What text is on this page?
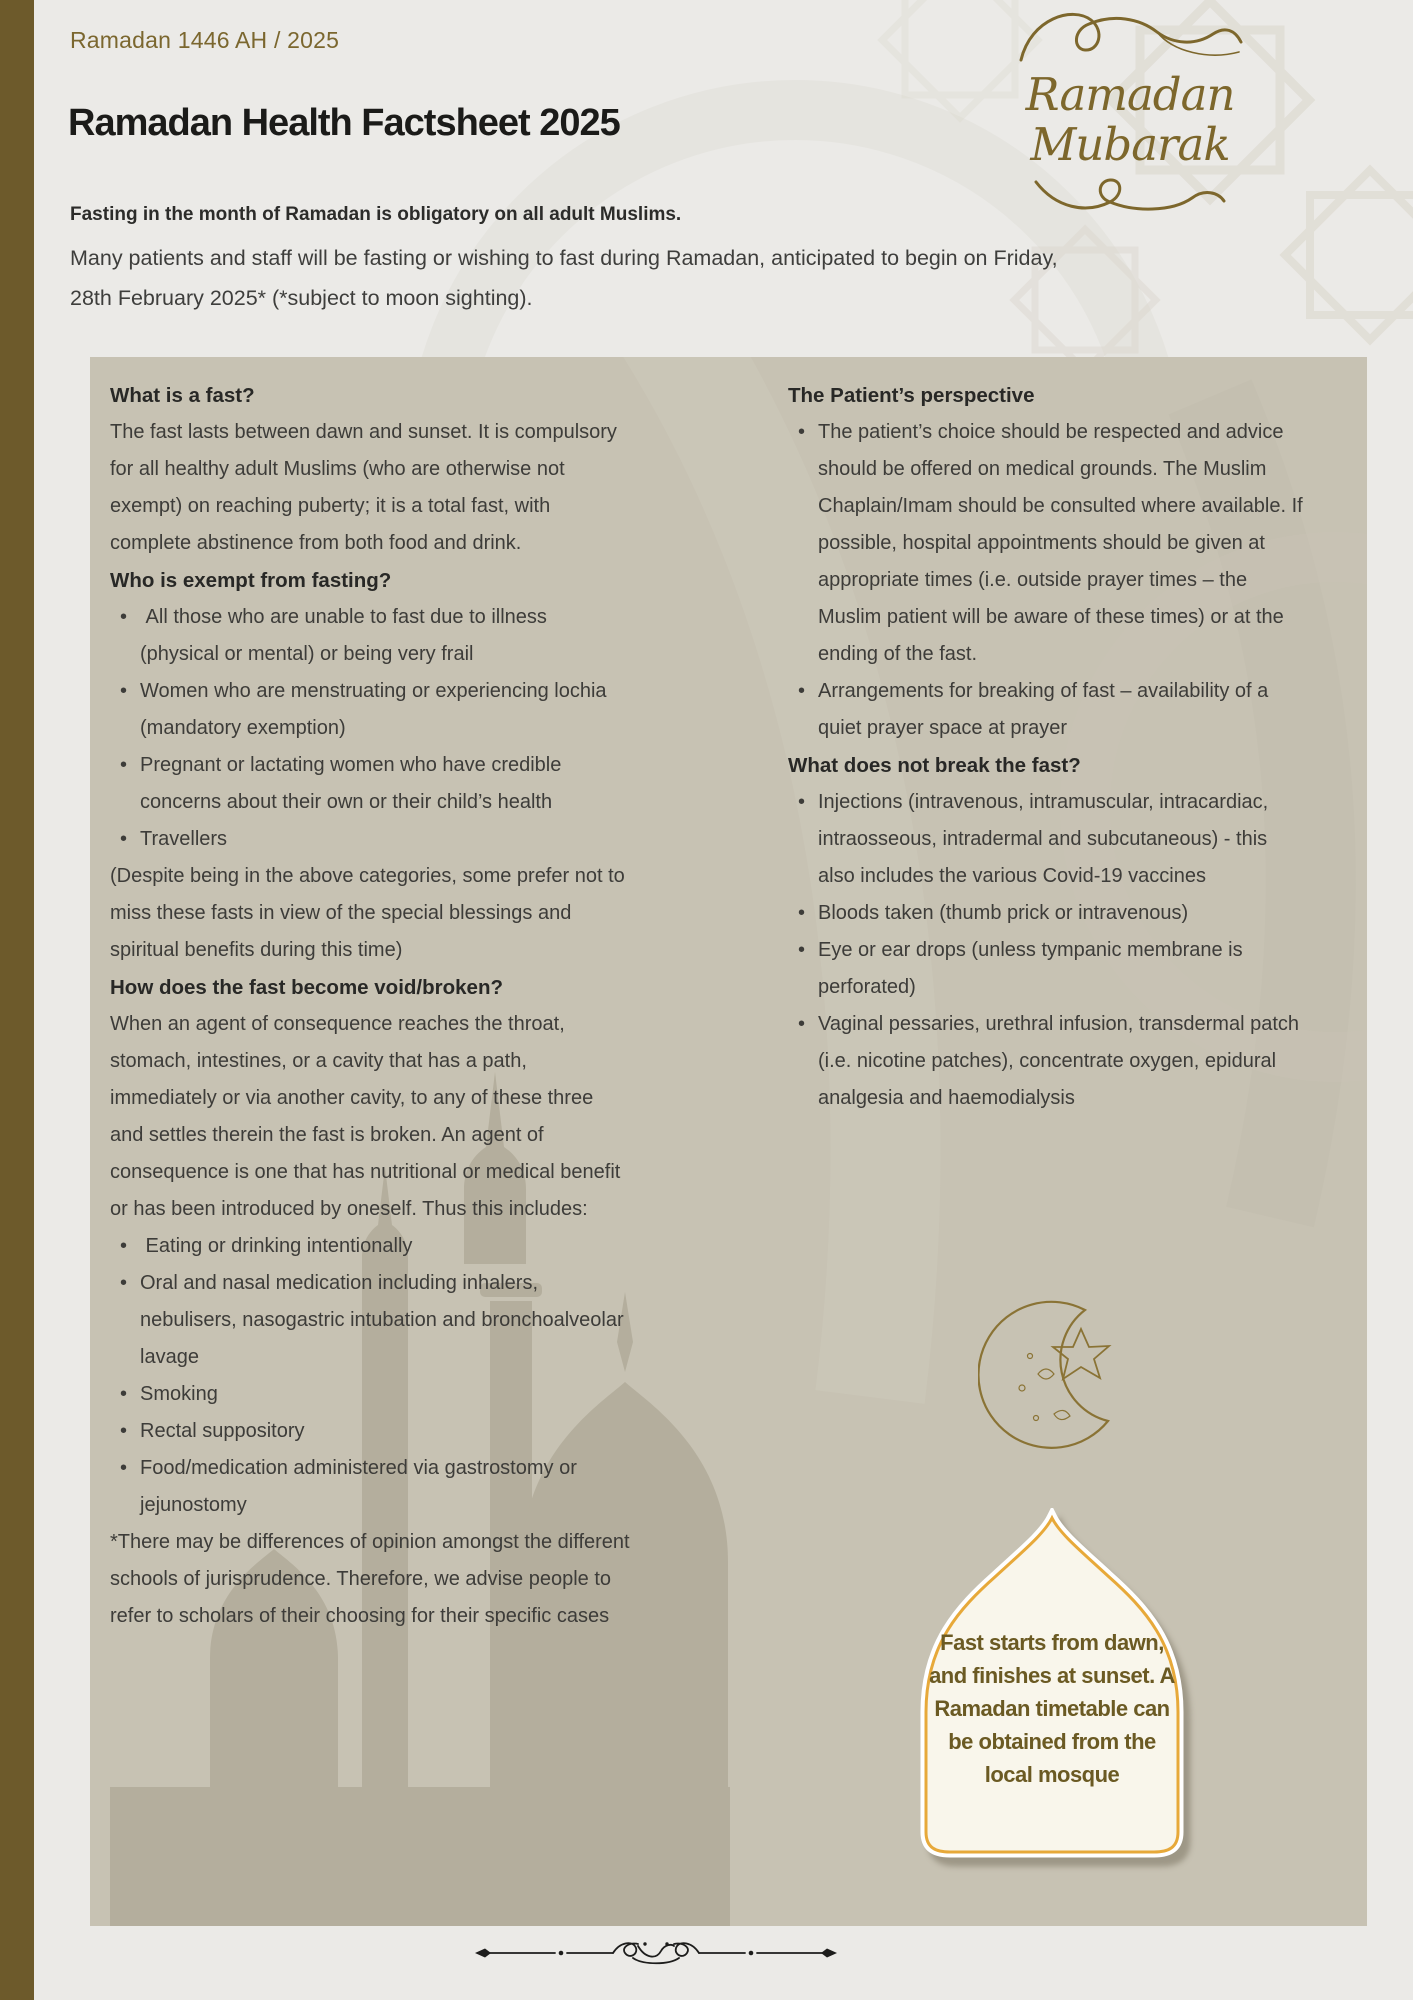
Ramadan 1446 AH / 2025
Ramadan Health Factsheet 2025
Ramadan
Mubarak

Fasting in the month of Ramadan is obligatory on all adult Muslims.

Many patients and staff will be fasting or wishing to fast during Ramadan, anticipated to begin on Friday, 28th February 2025* (*subject to moon sighting).

What is a fast?

The fast lasts between dawn and sunset. It is compulsory for all healthy adult Muslims (who are otherwise not exempt) on reaching puberty; it is a total fast, with complete abstinence from both food and drink.

Who is exempt from fasting?
•  All those who are unable to fast due to illness (physical or mental) or being very frail
• Women who are menstruating or experiencing lochia (mandatory exemption)
• Pregnant or lactating women who have credible concerns about their own or their child’s health
• Travellers

(Despite being in the above categories, some prefer not to miss these fasts in view of the special blessings and spiritual benefits during this time)

How does the fast become void/broken?

When an agent of consequence reaches the throat, stomach, intestines, or a cavity that has a path, immediately or via another cavity, to any of these three and settles therein the fast is broken. An agent of consequence is one that has nutritional or medical benefit or has been introduced by oneself. Thus this includes:

•  Eating or drinking intentionally
• Oral and nasal medication including inhalers, nebulisers, nasogastric intubation and bronchoalveolar lavage
• Smoking
• Rectal suppository
• Food/medication administered via gastrostomy or jejunostomy

*There may be differences of opinion amongst the different schools of jurisprudence. Therefore, we advise people to refer to scholars of their choosing for their specific cases

The Patient’s perspective
• The patient’s choice should be respected and advice should be offered on medical grounds. The Muslim Chaplain/Imam should be consulted where available. If possible, hospital appointments should be given at appropriate times (i.e. outside prayer times – the Muslim patient will be aware of these times) or at the ending of the fast.
• Arrangements for breaking of fast – availability of a quiet prayer space at prayer
What does not break the fast?
• Injections (intravenous, intramuscular, intracardiac, intraosseous, intradermal and subcutaneous) - this also includes the various Covid-19 vaccines
• Bloods taken (thumb prick or intravenous)
• Eye or ear drops (unless tympanic membrane is perforated)
• Vaginal pessaries, urethral infusion, transdermal patch (i.e. nicotine patches), concentrate oxygen, epidural analgesia and haemodialysis
Fast starts from dawn, and finishes at sunset. A Ramadan timetable can be obtained from the local mosque
